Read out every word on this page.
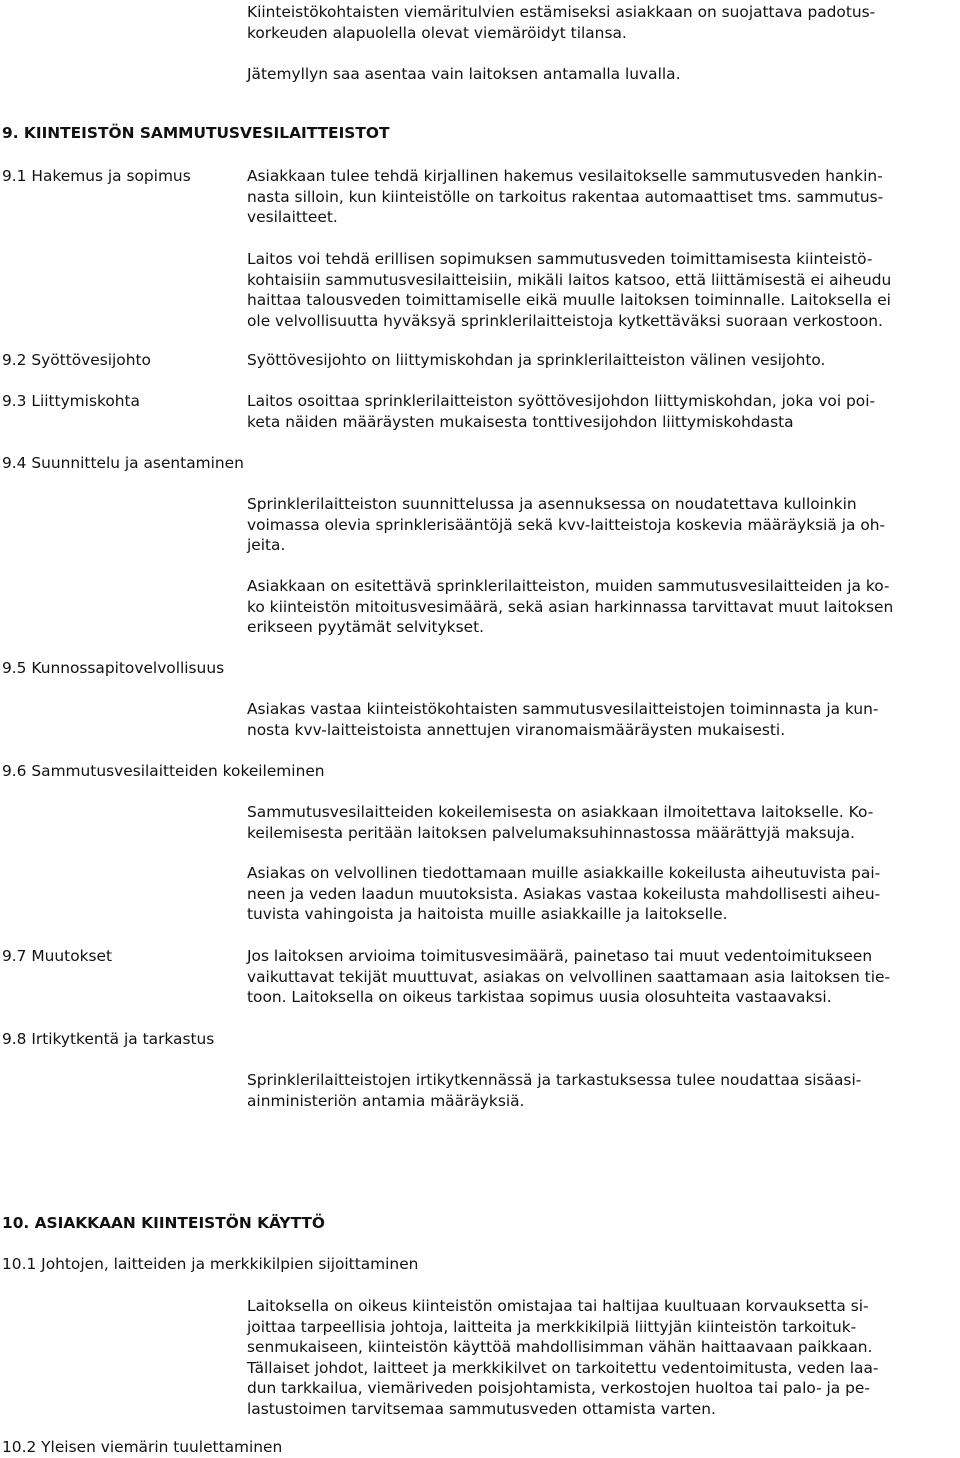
Kiinteistökohtaisten viemäritulvien estämiseksi asiakkaan on suojattava padotus-
korkeuden alapuolella olevat viemäröidyt tilansa.
Jätemyllyn saa asentaa vain laitoksen antamalla luvalla.
9. KIINTEISTÖN SAMMUTUSVESILAITTEISTOT
9.1 Hakemus ja sopimus	Asiakkaan tulee tehdä kirjallinen hakemus vesilaitokselle sammutusveden hankin-
nasta silloin, kun kiinteistölle on tarkoitus rakentaa automaattiset tms. sammutus-
vesilaitteet.
Laitos voi tehdä erillisen sopimuksen sammutusveden toimittamisesta kiinteistö-
kohtaisiin sammutusvesilaitteisiin, mikäli laitos katsoo, että liittämisestä ei aiheudu
haittaa talousveden toimittamiselle eikä muulle laitoksen toiminnalle. Laitoksella ei
ole velvollisuutta hyväksyä sprinklerilaitteistoja kytkettäväksi suoraan verkostoon.
9.2 Syöttövesijohto	Syöttövesijohto on liittymiskohdan ja sprinklerilaitteiston välinen vesijohto.
9.3 Liittymiskohta	Laitos osoittaa sprinklerilaitteiston syöttövesijohdon liittymiskohdan, joka voi poi-
keta näiden määräysten mukaisesta tonttivesijohdon liittymiskohdasta
9.4 Suunnittelu ja asentaminen
Sprinklerilaitteiston suunnittelussa ja asennuksessa on noudatettava kulloinkin
voimassa olevia sprinklerisääntöjä sekä kvv-laitteistoja koskevia määräyksiä ja oh-
jeita.
Asiakkaan on esitettävä sprinklerilaitteiston, muiden sammutusvesilaitteiden ja ko-
ko kiinteistön mitoitusvesimäärä, sekä asian harkinnassa tarvittavat muut laitoksen
erikseen pyytämät selvitykset.
9.5 Kunnossapitovelvollisuus
Asiakas vastaa kiinteistökohtaisten sammutusvesilaitteistojen toiminnasta ja kun-
nosta kvv-laitteistoista annettujen viranomaismääräysten mukaisesti.
9.6 Sammutusvesilaitteiden kokeileminen
Sammutusvesilaitteiden kokeilemisesta on asiakkaan ilmoitettava laitokselle. Ko-
keilemisesta peritään laitoksen palvelumaksuhinnastossa määrättyjä maksuja.
Asiakas on velvollinen tiedottamaan muille asiakkaille kokeilusta aiheutuvista pai-
neen ja veden laadun muutoksista. Asiakas vastaa kokeilusta mahdollisesti aiheu-
tuvista vahingoista ja haitoista muille asiakkaille ja laitokselle.
9.7 Muutokset	Jos laitoksen arvioima toimitusvesimäärä, painetaso tai muut vedentoimitukseen
vaikuttavat tekijät muuttuvat, asiakas on velvollinen saattamaan asia laitoksen tie-
toon. Laitoksella on oikeus tarkistaa sopimus uusia olosuhteita vastaavaksi.
9.8 Irtikytkentä ja tarkastus
Sprinklerilaitteistojen irtikytkennässä ja tarkastuksessa tulee noudattaa sisäasi-
ainministeriön antamia määräyksiä.
10. ASIAKKAAN KIINTEISTÖN KÄYTTÖ
10.1 Johtojen, laitteiden ja merkkikilpien sijoittaminen
Laitoksella on oikeus kiinteistön omistajaa tai haltijaa kuultuaan korvauksetta si-
joittaa tarpeellisia johtoja, laitteita ja merkkikilpiä liittyjän kiinteistön tarkoituk-
senmukaiseen, kiinteistön käyttöä mahdollisimman vähän haittaavaan paikkaan.
Tällaiset johdot, laitteet ja merkkikilvet on tarkoitettu vedentoimitusta, veden laa-
dun tarkkailua, viemäriveden poisjohtamista, verkostojen huoltoa tai palo- ja pe-
lastustoimen tarvitsemaa sammutusveden ottamista varten.
10.2 Yleisen viemärin tuulettaminen
